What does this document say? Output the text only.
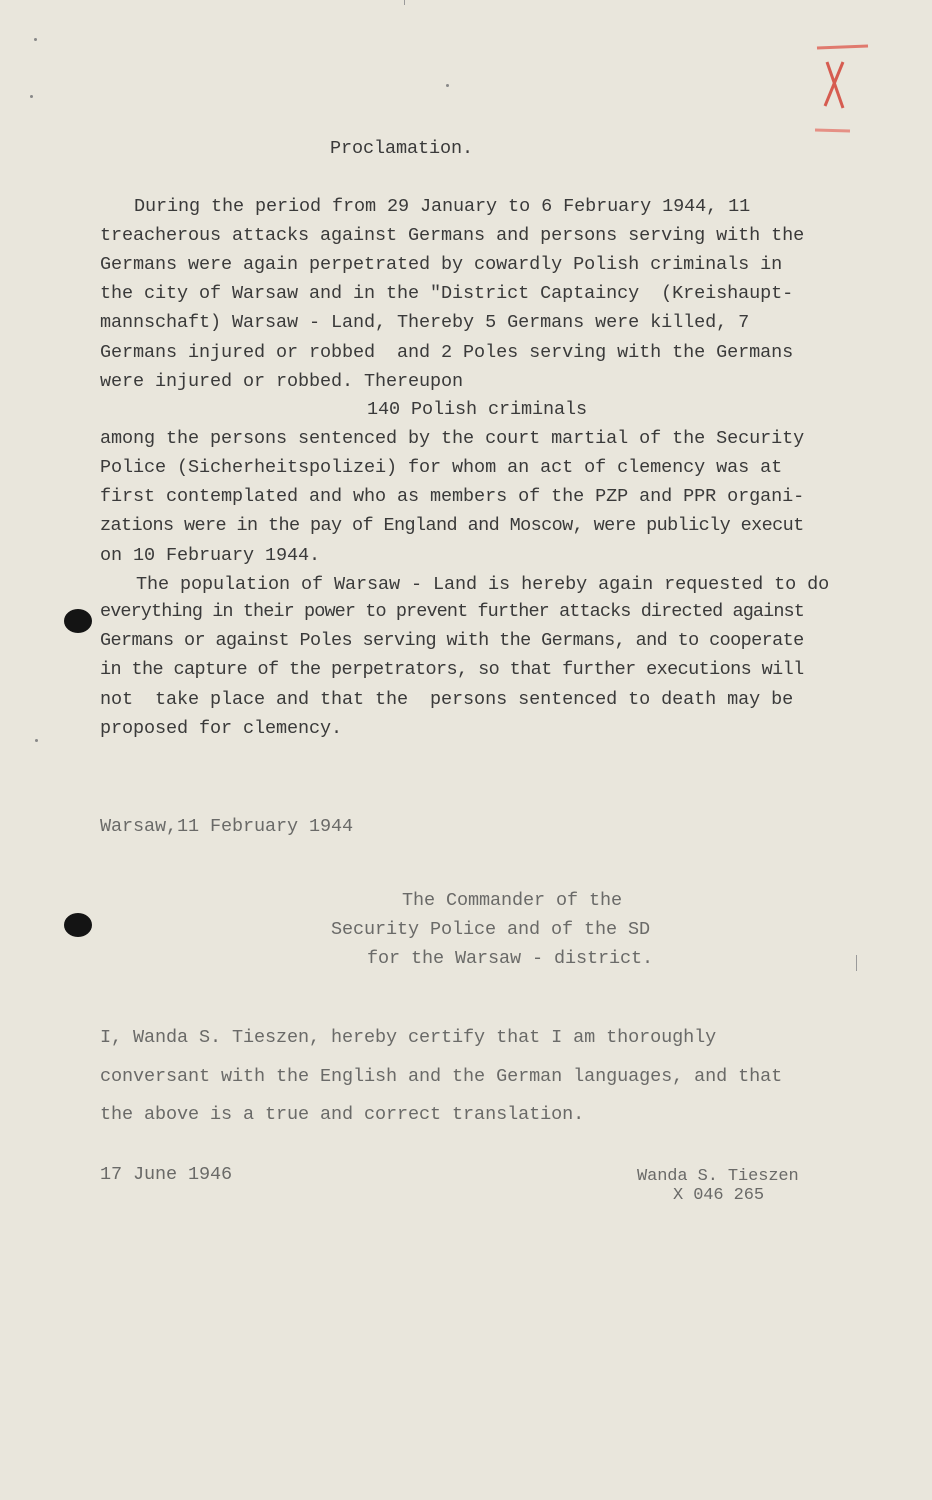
Proclamation.
During the period from 29 January to 6 February 1944, 11
treacherous attacks against Germans and persons serving with the
Germans were again perpetrated by cowardly Polish criminals in
the city of Warsaw and in the "District Captaincy  (Kreishaupt-
mannschaft) Warsaw - Land, Thereby 5 Germans were killed, 7
Germans injured or robbed  and 2 Poles serving with the Germans
were injured or robbed. Thereupon
140 Polish criminals
among the persons sentenced by the court martial of the Security
Police (Sicherheitspolizei) for whom an act of clemency was at
first contemplated and who as members of the PZP and PPR organi-
zations were in the pay of England and Moscow, were publicly execut
on 10 February 1944.
The population of Warsaw - Land is hereby again requested to do
everything in their power to prevent further attacks directed against
Germans or against Poles serving with the Germans, and to cooperate
in the capture of the perpetrators, so that further executions will
not  take place and that the  persons sentenced to death may be
proposed for clemency.
Warsaw,11 February 1944
The Commander of the
Security Police and of the SD
for the Warsaw - district.
I, Wanda S. Tieszen, hereby certify that I am thoroughly
conversant with the English and the German languages, and that
the above is a true and correct translation.
17 June 1946	Wanda S. Tieszen
X 046 265
